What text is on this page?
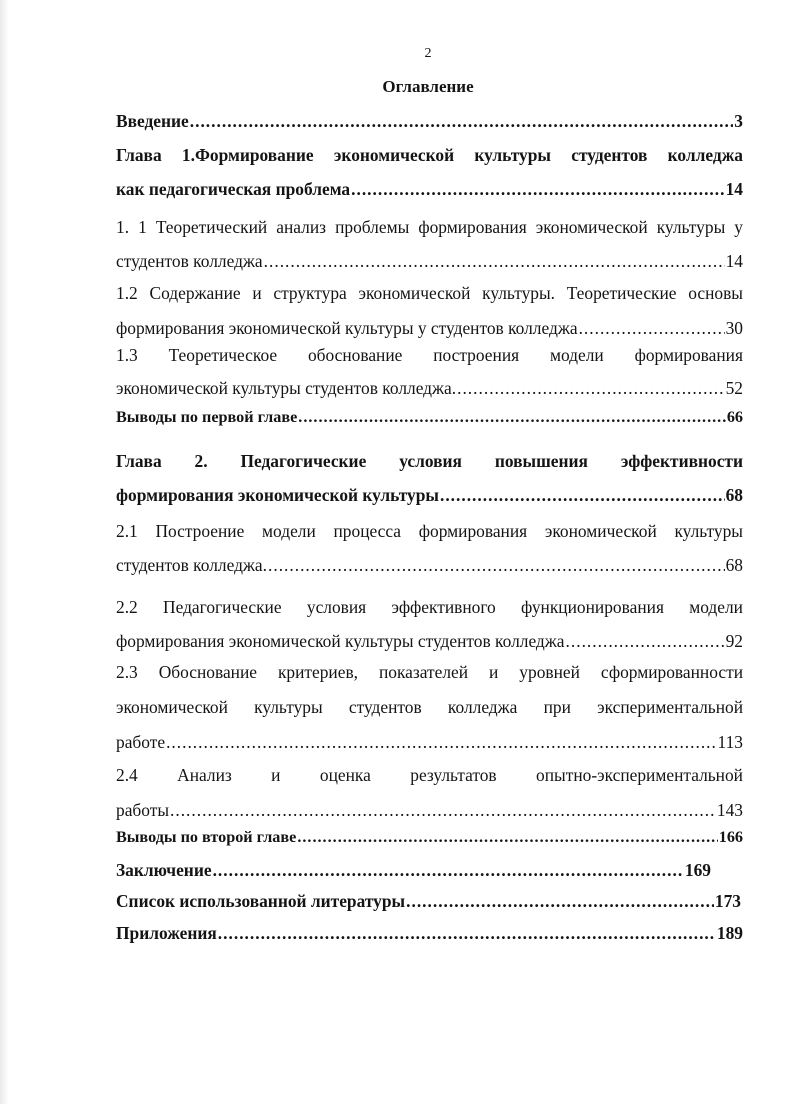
2
Оглавление
Введение .....	3
Глава 1.Формирование экономической культуры студентов колледжа
как педагогическая проблема .....	14
1. 1 Теоретический анализ проблемы формирования экономической культуры у
студентов колледжа .....	14
1.2 Содержание и структура экономической культуры. Теоретические основы
формирования экономической культуры у студентов колледжа .....	30
1.3 Теоретическое обоснование построения модели формирования
экономической культуры студентов колледжа. .....	52
Выводы по первой главе .....	66
Глава 2. Педагогические условия повышения эффективности
формирования экономической культуры .....	68
2.1 Построение модели процесса формирования экономической культуры
студентов колледжа. .....	68
2.2 Педагогические условия эффективного функционирования модели
формирования экономической культуры студентов колледжа .....	92
2.3 Обоснование критериев, показателей и уровней сформированности
экономической культуры студентов колледжа при экспериментальной
работе .....	113
2.4 Анализ и оценка результатов опытно-экспериментальной
работы .....	143
Выводы по второй главе .....	166
Заключение .....	169
Список использованной литературы .....	173
Приложения .....	189
